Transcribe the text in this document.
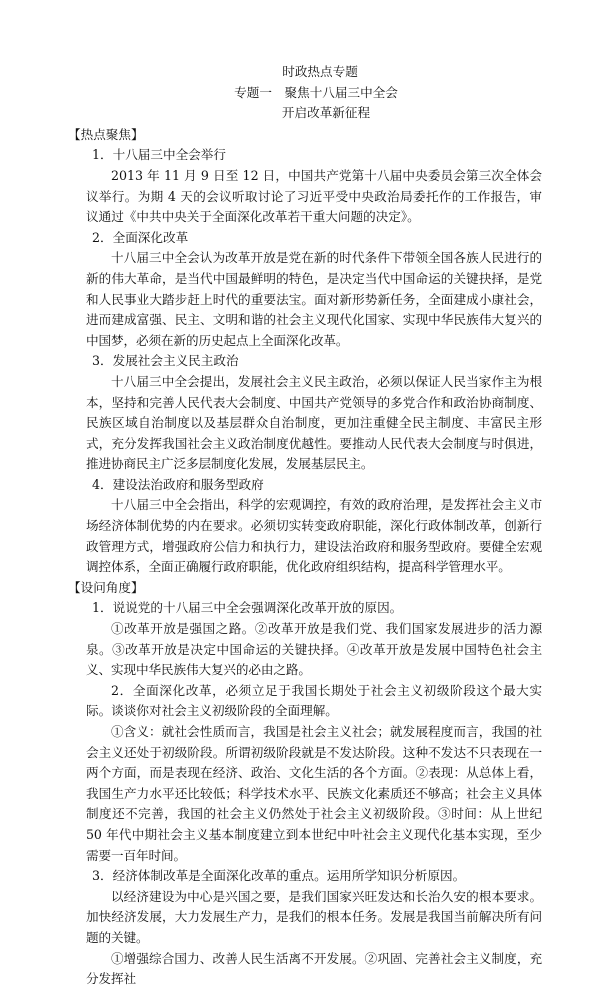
时政热点专题

专题一　聚焦十八届三中全会

开启改革新征程

【热点聚焦】

1．十八届三中全会举行

2013 年 11 月 9 日至 12 日，中国共产党第十八届中央委员会第三次全体会议举行。为期 4 天的会议听取讨论了习近平受中央政治局委托作的工作报告，审议通过《中共中央关于全面深化改革若干重大问题的决定》。

2．全面深化改革

十八届三中全会认为改革开放是党在新的时代条件下带领全国各族人民进行的新的伟大革命，是当代中国最鲜明的特色，是决定当代中国命运的关键抉择，是党和人民事业大踏步赶上时代的重要法宝。面对新形势新任务，全面建成小康社会，进而建成富强、民主、文明和谐的社会主义现代化国家、实现中华民族伟大复兴的中国梦，必须在新的历史起点上全面深化改革。

3．发展社会主义民主政治

十八届三中全会提出，发展社会主义民主政治，必须以保证人民当家作主为根本，坚持和完善人民代表大会制度、中国共产党领导的多党合作和政治协商制度、民族区域自治制度以及基层群众自治制度，更加注重健全民主制度、丰富民主形式，充分发挥我国社会主义政治制度优越性。要推动人民代表大会制度与时俱进，推进协商民主广泛多层制度化发展，发展基层民主。

4．建设法治政府和服务型政府

十八届三中全会指出，科学的宏观调控，有效的政府治理，是发挥社会主义市场经济体制优势的内在要求。必须切实转变政府职能，深化行政体制改革，创新行政管理方式，增强政府公信力和执行力，建设法治政府和服务型政府。要健全宏观调控体系，全面正确履行政府职能，优化政府组织结构，提高科学管理水平。

【设问角度】

1．说说党的十八届三中全会强调深化改革开放的原因。

①改革开放是强国之路。②改革开放是我们党、我们国家发展进步的活力源泉。③改革开放是决定中国命运的关键抉择。④改革开放是发展中国特色社会主义、实现中华民族伟大复兴的必由之路。

2．全面深化改革，必须立足于我国长期处于社会主义初级阶段这个最大实际。谈谈你对社会主义初级阶段的全面理解。

①含义：就社会性质而言，我国是社会主义社会；就发展程度而言，我国的社会主义还处于初级阶段。所谓初级阶段就是不发达阶段。这种不发达不只表现在一两个方面，而是表现在经济、政治、文化生活的各个方面。②表现：从总体上看，我国生产力水平还比较低；科学技术水平、民族文化素质还不够高；社会主义具体制度还不完善，我国的社会主义仍然处于社会主义初级阶段。③时间：从上世纪 50 年代中期社会主义基本制度建立到本世纪中叶社会主义现代化基本实现，至少需要一百年时间。

3．经济体制改革是全面深化改革的重点。运用所学知识分析原因。

以经济建设为中心是兴国之要，是我们国家兴旺发达和长治久安的根本要求。加快经济发展，大力发展生产力，是我们的根本任务。发展是我国当前解决所有问题的关键。

①增强综合国力、改善人民生活离不开发展。②巩固、完善社会主义制度，充分发挥社
